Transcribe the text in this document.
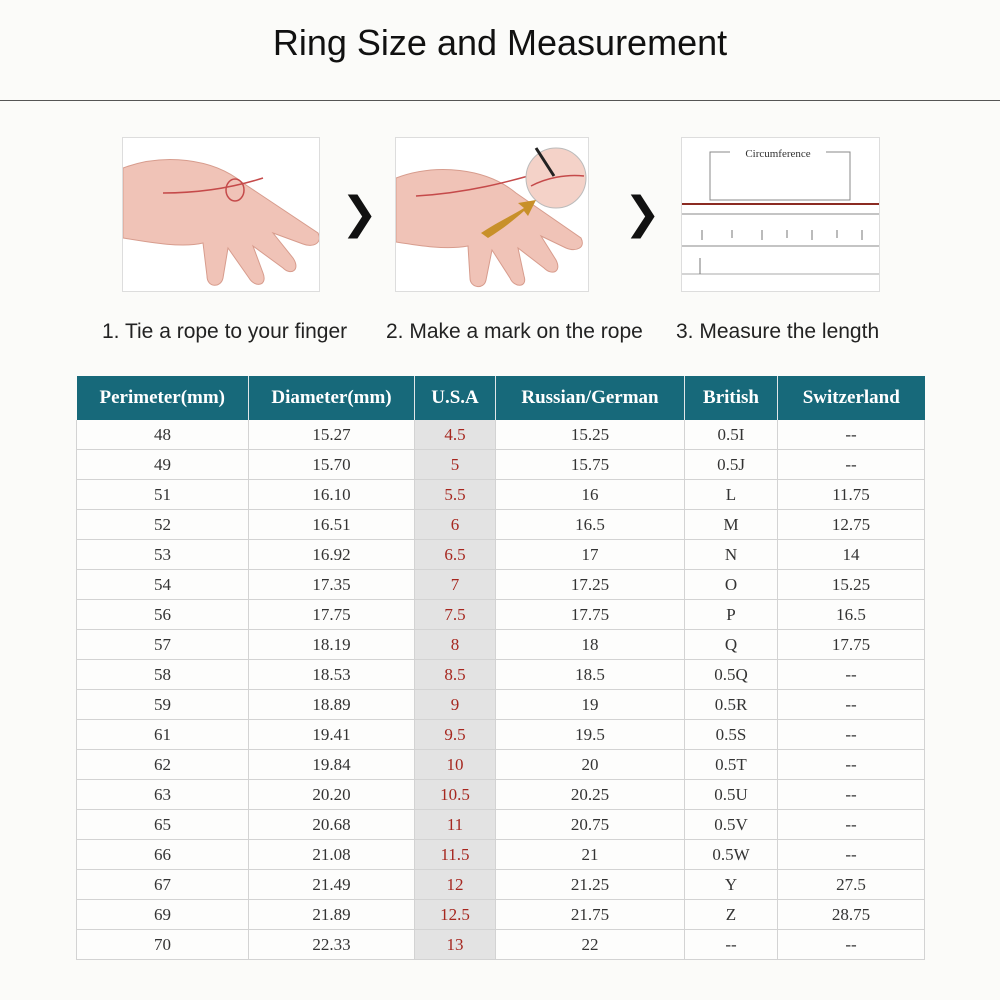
Ring Size and Measurement
❯	❯
Circumference
1. Tie a rope to your finger 2. Make a mark on the rope 3. Measure the length
Perimeter(mm)	Diameter(mm)	U.S.A	Russian/German	British	Switzerland
48	15.27	4.5	15.25	0.5I	--
49	15.70	5	15.75	0.5J	--
51	16.10	5.5	16	L	11.75
52	16.51	6	16.5	M	12.75
53	16.92	6.5	17	N	14
54	17.35	7	17.25	O	15.25
56	17.75	7.5	17.75	P	16.5
57	18.19	8	18	Q	17.75
58	18.53	8.5	18.5	0.5Q	--
59	18.89	9	19	0.5R	--
61	19.41	9.5	19.5	0.5S	--
62	19.84	10	20	0.5T	--
63	20.20	10.5	20.25	0.5U	--
65	20.68	11	20.75	0.5V	--
66	21.08	11.5	21	0.5W	--
67	21.49	12	21.25	Y	27.5
69	21.89	12.5	21.75	Z	28.75
70	22.33	13	22	--	--
